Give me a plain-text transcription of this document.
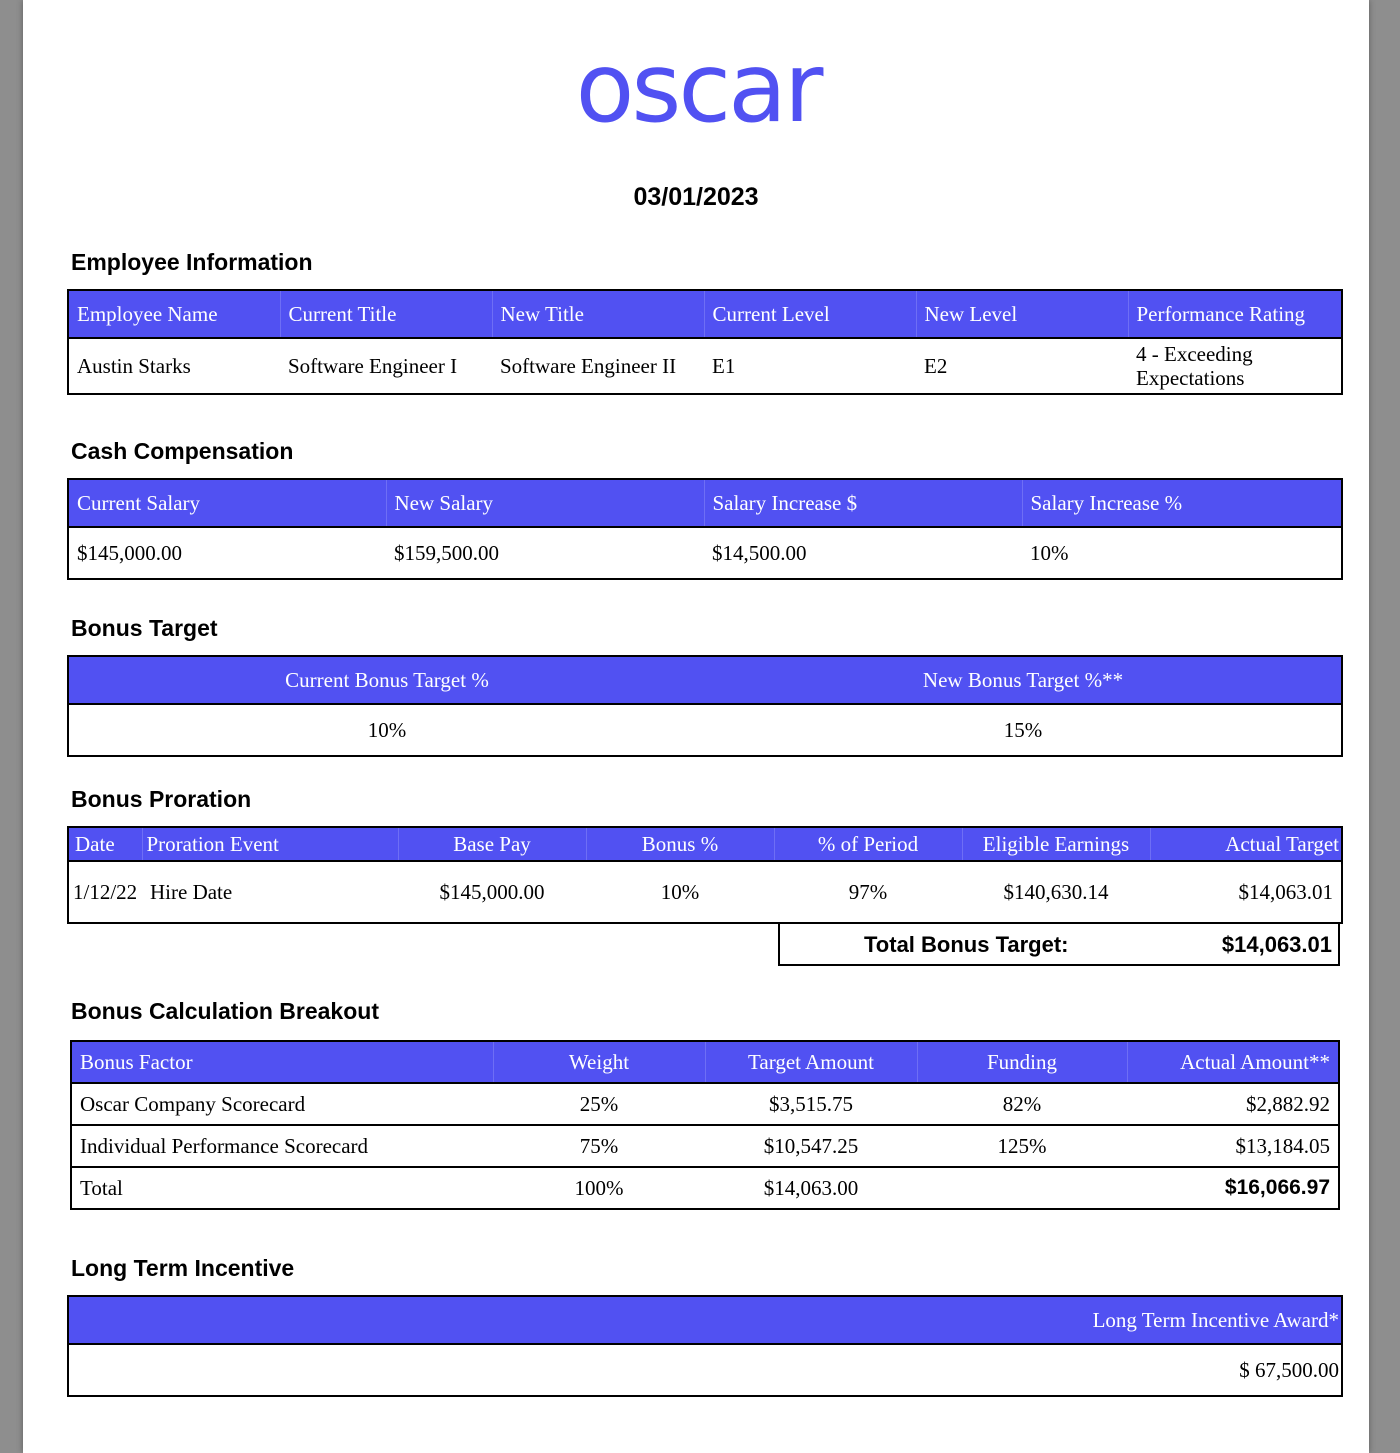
oscar
03/01/2023
Employee Information
Employee Name	Current Title	New Title	Current Level	New Level	Performance Rating
Austin Starks	Software Engineer I	Software Engineer II	E1	E2	4 - Exceeding Expectations
Cash Compensation
Current Salary	New Salary	Salary Increase $	Salary Increase %
$145,000.00	$159,500.00	$14,500.00	10%
Bonus Target
Current Bonus Target %	New Bonus Target %**
10%	15%
Bonus Proration
Date	Proration Event	Base Pay	Bonus %	% of Period	Eligible Earnings	Actual Target
1/12/22	Hire Date	$145,000.00	10%	97%	$140,630.14	$14,063.01
Total Bonus Target:	$14,063.01
Bonus Calculation Breakout
Bonus Factor	Weight	Target Amount	Funding	Actual Amount**
Oscar Company Scorecard	25%	$3,515.75	82%	$2,882.92
Individual Performance Scorecard	75%	$10,547.25	125%	$13,184.05
Total	100%	$14,063.00		$16,066.97
Long Term Incentive
Long Term Incentive Award*
$ 67,500.00
